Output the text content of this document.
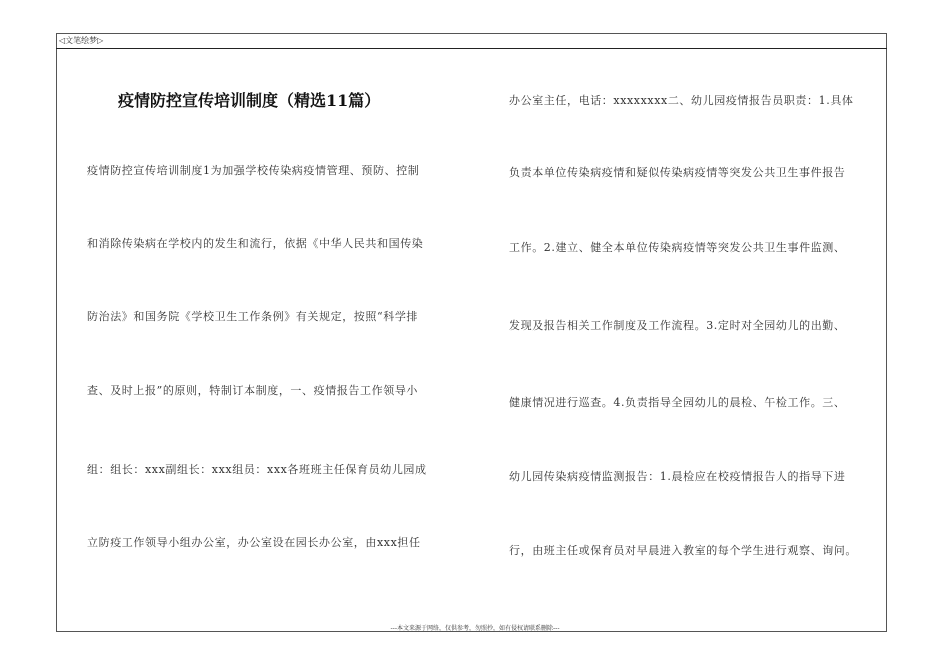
◁文笔绘梦▷
疫情防控宣传培训制度（精选11篇）
疫情防控宣传培训制度1为加强学校传染病疫情管理、预防、控制
和消除传染病在学校内的发生和流行，依据《中华人民共和国传染
防治法》和国务院《学校卫生工作条例》有关规定，按照“科学排
查、及时上报”的原则，特制订本制度，一、疫情报告工作领导小
组：组长：xxx副组长：xxx组员：xxx各班班主任保育员幼儿园成
立防疫工作领导小组办公室，办公室设在园长办公室，由xxx担任
办公室主任，电话：xxxxxxxx二、幼儿园疫情报告员职责：1.具体
负责本单位传染病疫情和疑似传染病疫情等突发公共卫生事件报告
工作。2.建立、健全本单位传染病疫情等突发公共卫生事件监测、
发现及报告相关工作制度及工作流程。3.定时对全园幼儿的出勤、
健康情况进行巡查。4.负责指导全园幼儿的晨检、午检工作。三、
幼儿园传染病疫情监测报告：1.晨检应在校疫情报告人的指导下进
行，由班主任或保育员对早晨进入教室的每个学生进行观察、询问。
---本文来源于网络，仅供参考，勿照抄，如有侵权请联系删除---
